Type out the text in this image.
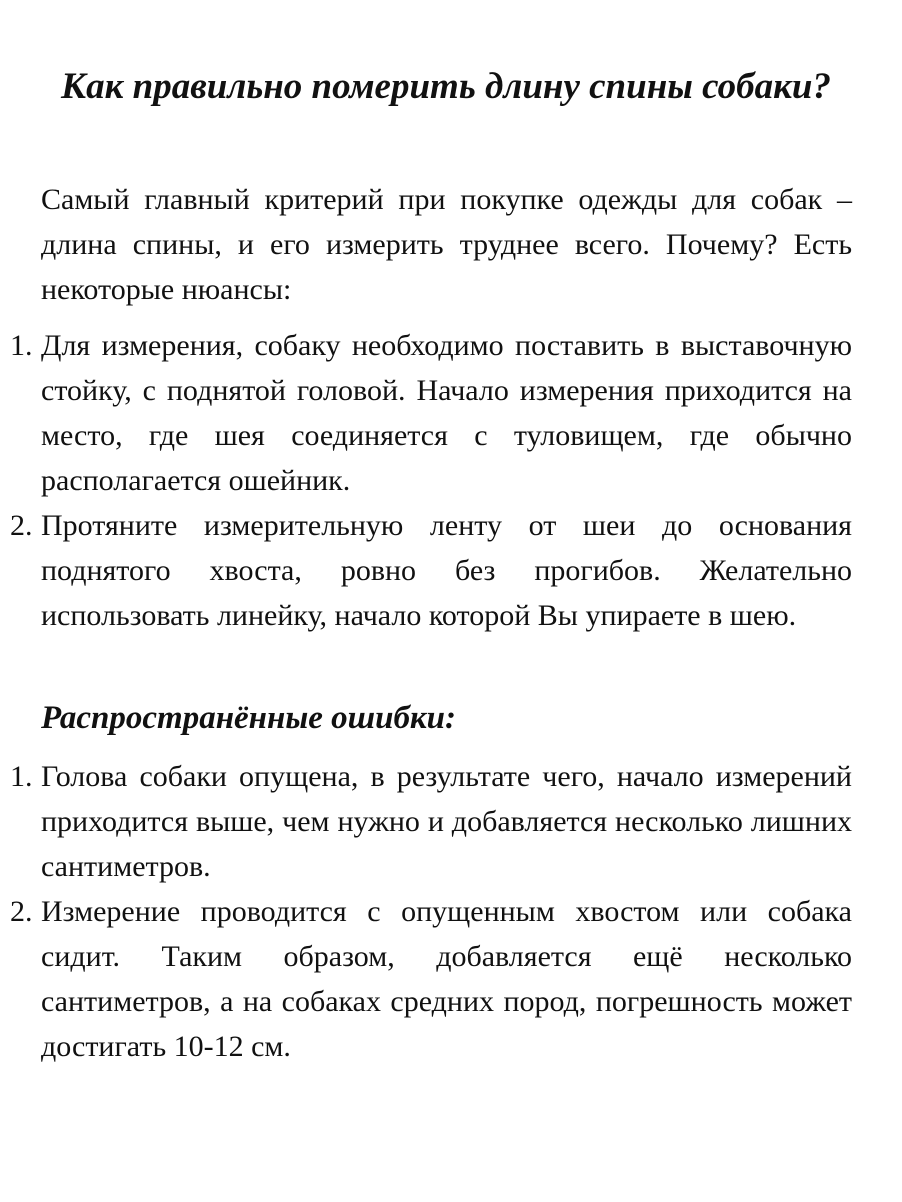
Как правильно померить длину спины собаки?

Самый главный критерий при покупке одежды для собак – длина спины, и его измерить труднее всего. Почему? Есть некоторые нюансы:

1. Для измерения, собаку необходимо поставить в выставочную стойку, с поднятой головой. Начало измерения приходится на место, где шея соединяется с туловищем, где обычно располагается ошейник.
2. Протяните измерительную ленту от шеи до основания поднятого хвоста, ровно без прогибов. Желательно использовать линейку, начало которой Вы упираете в шею.
Распространённые ошибки:
1. Голова собаки опущена, в результате чего, начало измерений приходится выше, чем нужно и добавляется несколько лишних сантиметров.
2. Измерение проводится с опущенным хвостом или собака сидит. Таким образом, добавляется ещё несколько сантиметров, а на собаках средних пород, погрешность может достигать 10-12 см.
